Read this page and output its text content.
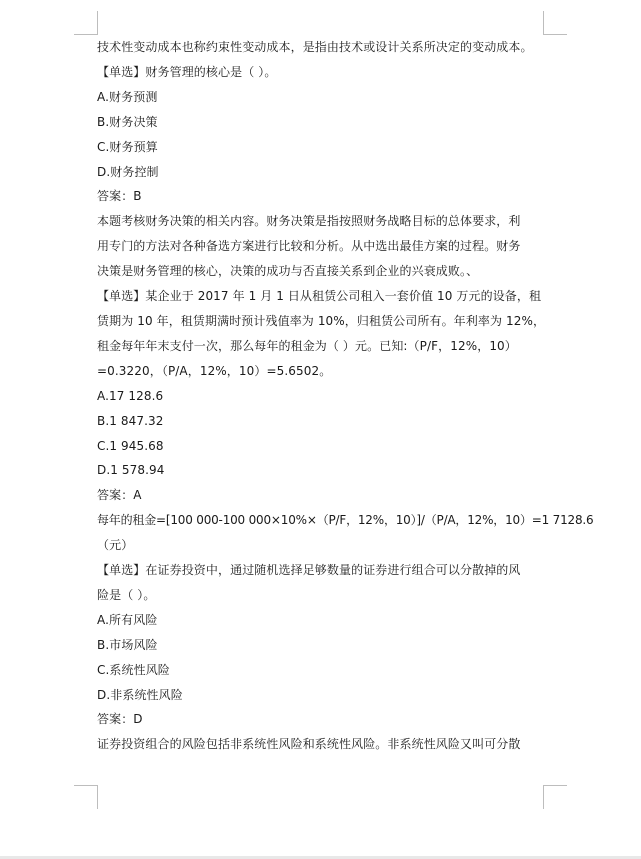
技术性变动成本也称约束性变动成本，是指由技术或设计关系所决定的变动成本。
【单选】财务管理的核心是（ ）。
A.财务预测
B.财务决策
C.财务预算
D.财务控制
答案：B
本题考核财务决策的相关内容。财务决策是指按照财务战略目标的总体要求，利
用专门的方法对各种备选方案进行比较和分析。从中选出最佳方案的过程。财务
决策是财务管理的核心，决策的成功与否直接关系到企业的兴衰成败。、
【单选】某企业于 2017 年 1 月 1 日从租赁公司租入一套价值 10 万元的设备，租
赁期为 10 年，租赁期满时预计残值率为 10%，归租赁公司所有。年利率为 12%，
租金每年年末支付一次，那么每年的租金为（ ）元。已知:（P/F，12%，10）
=0.3220，（P/A，12%，10）=5.6502。
A.17 128.6
B.1 847.32
C.1 945.68
D.1 578.94
答案：A
每年的租金=[100 000-100 000×10%×（P/F，12%，10）]/（P/A，12%，10）=1 7128.6
（元）
【单选】在证券投资中，通过随机选择足够数量的证券进行组合可以分散掉的风
险是（ ）。
A.所有风险
B.市场风险
C.系统性风险
D.非系统性风险
答案：D
证券投资组合的风险包括非系统性风险和系统性风险。非系统性风险又叫可分散
